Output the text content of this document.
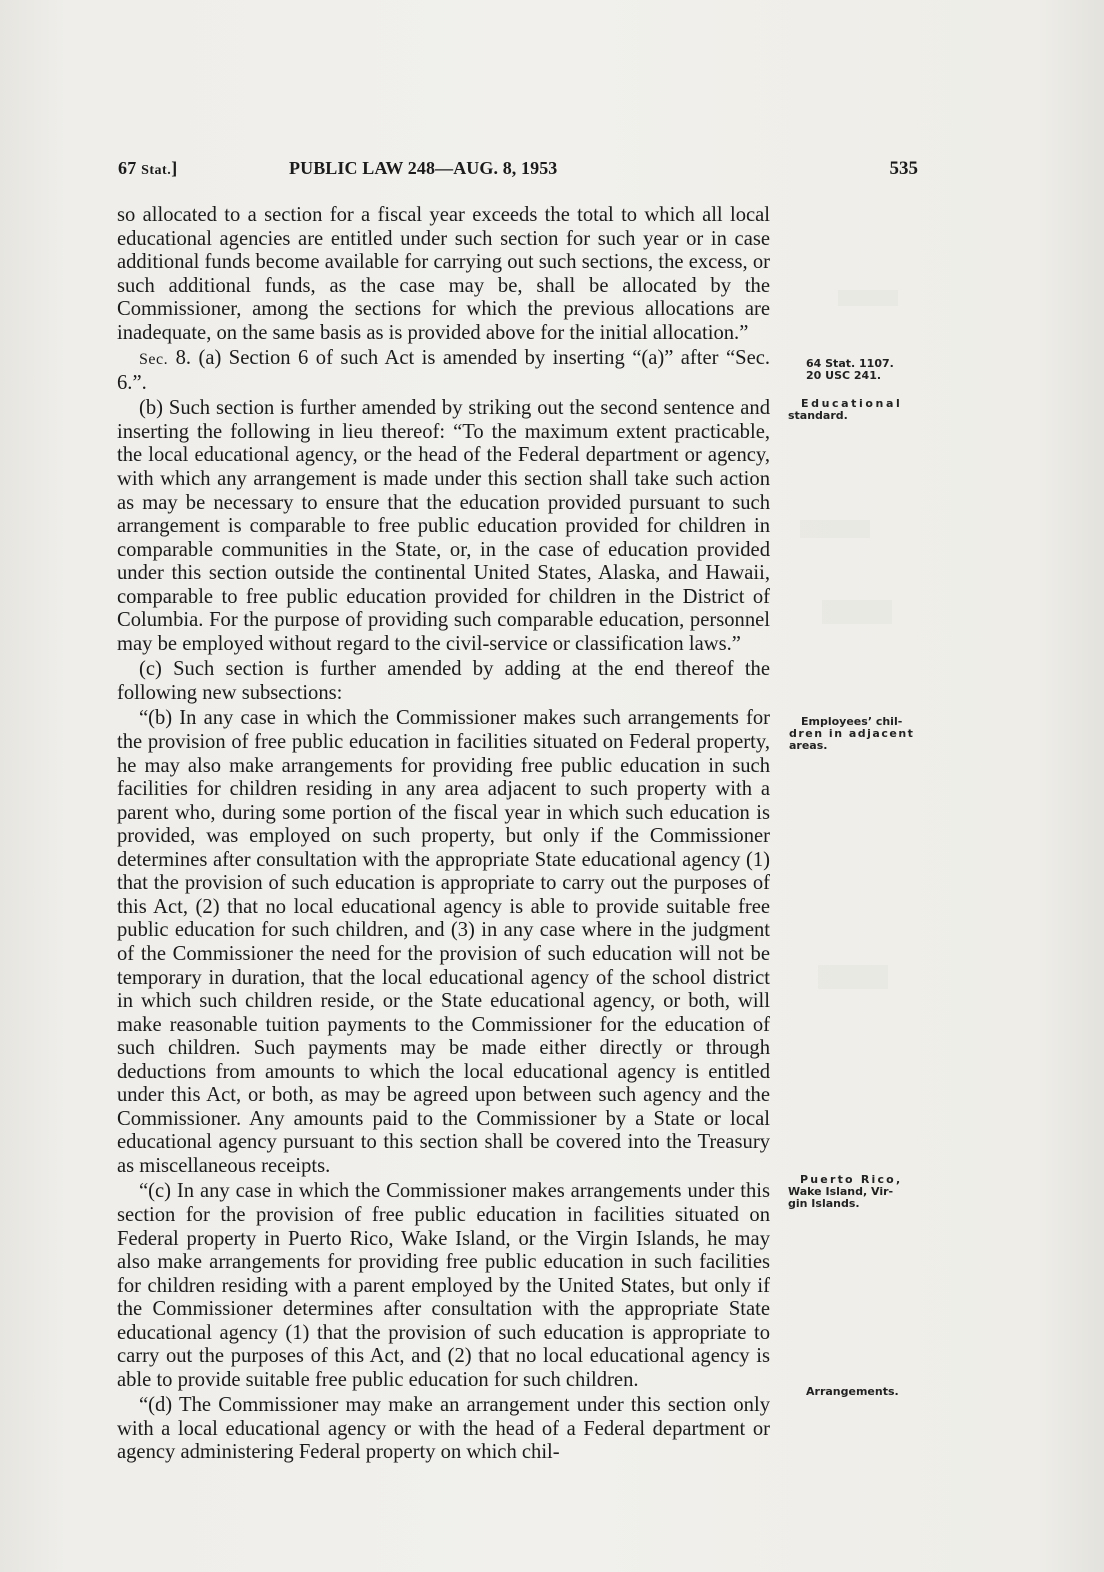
67 Stat.]	PUBLIC LAW 248—AUG. 8, 1953	535

so allocated to a section for a fiscal year exceeds the total to which all local educational agencies are entitled under such section for such year or in case additional funds become available for carrying out such sections, the excess, or such additional funds, as the case may be, shall be allocated by the Commissioner, among the sections for which the previous allocations are inadequate, on the same basis as is provided above for the initial allocation.”

Sec. 8. (a) Section 6 of such Act is amended by inserting “(a)” after “Sec. 6.”.

(b) Such section is further amended by striking out the second sentence and inserting the following in lieu thereof: “To the maximum extent practicable, the local educational agency, or the head of the Federal department or agency, with which any arrangement is made under this section shall take such action as may be necessary to ensure that the education provided pursuant to such arrangement is comparable to free public education provided for children in comparable communities in the State, or, in the case of education provided under this section outside the continental United States, Alaska, and Hawaii, comparable to free public education provided for children in the District of Columbia. For the purpose of providing such comparable education, personnel may be employed without regard to the civil-service or classification laws.”

(c) Such section is further amended by adding at the end thereof the following new subsections:

“(b) In any case in which the Commissioner makes such arrangements for the provision of free public education in facilities situated on Federal property, he may also make arrangements for providing free public education in such facilities for children residing in any area adjacent to such property with a parent who, during some portion of the fiscal year in which such education is provided, was employed on such property, but only if the Commissioner determines after consultation with the appropriate State educational agency (1) that the provision of such education is appropriate to carry out the purposes of this Act, (2) that no local educational agency is able to provide suitable free public education for such children, and (3) in any case where in the judgment of the Commissioner the need for the provision of such education will not be temporary in duration, that the local educational agency of the school district in which such children reside, or the State educational agency, or both, will make reasonable tuition payments to the Commissioner for the education of such children. Such payments may be made either directly or through deductions from amounts to which the local educational agency is entitled under this Act, or both, as may be agreed upon between such agency and the Commissioner. Any amounts paid to the Commissioner by a State or local educational agency pursuant to this section shall be covered into the Treasury as miscellaneous receipts.

“(c) In any case in which the Commissioner makes arrangements under this section for the provision of free public education in facilities situated on Federal property in Puerto Rico, Wake Island, or the Virgin Islands, he may also make arrangements for providing free public education in such facilities for children residing with a parent employed by the United States, but only if the Commissioner determines after consultation with the appropriate State educational agency (1) that the provision of such education is appropriate to carry out the purposes of this Act, and (2) that no local educational agency is able to provide suitable free public education for such children.

“(d) The Commissioner may make an arrangement under this section only with a local educational agency or with the head of a Federal department or agency administering Federal property on which chil-

64 Stat. 1107.
20 USC 241.
Educational
standard.
Employees’ chil-
dren in adjacent
areas.
Puerto Rico,
Wake Island, Vir-
gin Islands.
Arrangements.
